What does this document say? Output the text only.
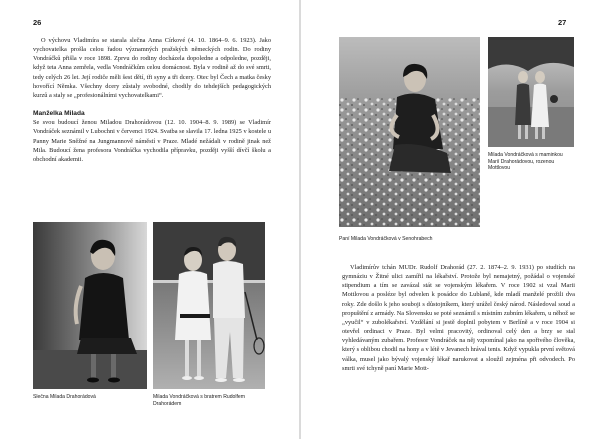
26

O výchovu Vladimíra se starala slečna Anna Církové (4. 10. 1864–9. 6. 1923). Jako vychovatelka prošla celou řadou významných pražských německých rodin. Do rodiny Vondráčků přišla v roce 1898. Zprvu do rodiny docházela dopoledne a odpoledne, později, když teta Anna zemřela, vedla Vondráčkům celou domácnost. Byla v rodině až do své smrti, tedy celých 26 let. Její rodiče měli šest dětí, tři syny a tři dcery. Otec byl Čech a matka česky hovořící Němka. Všechny dcery zůstaly svobodné, chodily do tehdejších pedagogických kurzů a staly se „profesionálními vychovatelkami“.

Manželka Milada

Se svou budoucí ženou Miladou Drahorádovou (12. 10. 1904–8. 9. 1989) se Vladimír Vondráček seznámil v Lubochni v červenci 1924. Svatba se slavila 17. ledna 1925 v kostele u Panny Marie Sněžné na Jungmannově náměstí v Praze. Mladé nežádali v rodině jinak než Mila. Budoucí žena profesora Vondráčka vychodila přípravku, později vyšší dívčí školu a obchodní akademii.

Slečna Milada Drahorádová	Milada Vondráčková s bratrem Rudolfem Drahorádem
27
Paní Milada Vondráčková v Senohrabech
Milada Vondráčková s maminkou Marií Drahorádovou, rozenou Mottlovou

Vladimírův tchán MUDr. Rudolf Drahorád (27. 2. 1874–2. 9. 1931) po studiích na gymnáziu v Žitné ulici zamířil na lékařství. Protože byl nemajetný, požádal o vojenské stipendium a tím se zavázal stát se vojenským lékařem. V roce 1902 si vzal Marii Mottlovou a posléze byl odvelen k posádce do Lublaně, kde mladí manželé prožili dva roky. Zde došlo k jeho souboji s důstojníkem, který urážel český národ. Následoval soud a propuštění z armády. Na Slovensku se poté seznámil s místním zubním lékařem, u něhož se „vyučil“ v zubolékařství. Vzdělání si jestě doplnil pobytem v Berlíně a v roce 1904 si otevřel ordinaci v Praze. Byl velmi pracovitý, ordinoval celý den a brzy se stal vyhledávaným zubařem. Profesor Vondráček na něj vzpomínal jako na spořivého člověka, který s oblibou chodil na hony a v létě v Jevanech hrával tenis. Když vypukla první světová válka, musel jako bývalý vojenský lékař narukovat a sloužil zejména při odvodech. Po smrti své tchyně paní Marie Mott-
